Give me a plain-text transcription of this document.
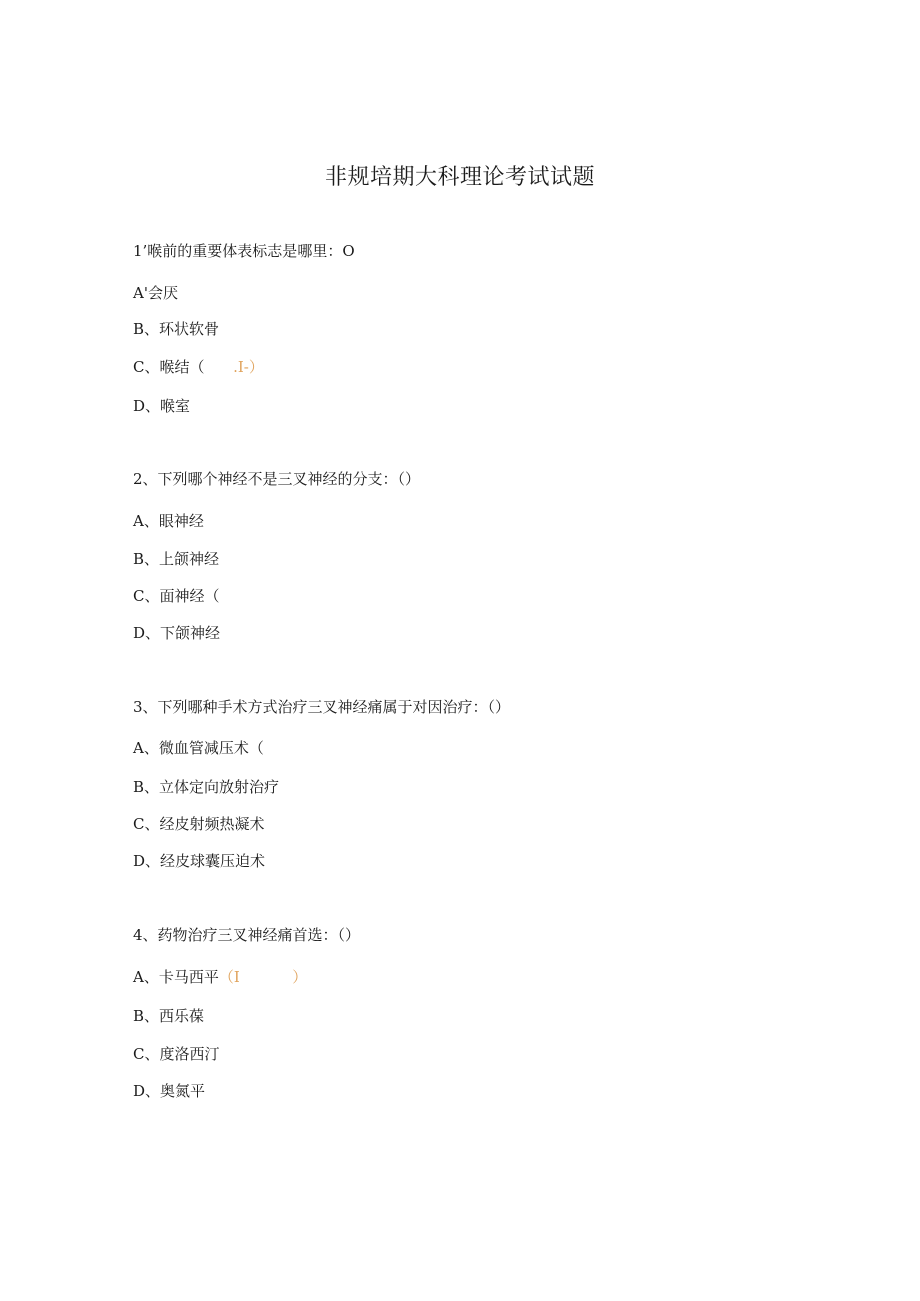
非规培期大科理论考试试题
1’喉前的重要体表标志是哪里：O
A'会厌
B、环状软骨
C、喉结（      .I-）
D、喉室
2、下列哪个神经不是三叉神经的分支：（）
A、眼神经
B、上颌神经
C、面神经（
D、下颌神经
3、下列哪种手术方式治疗三叉神经痛属于对因治疗：（）
A、微血管减压术（
B、立体定向放射治疗
C、经皮射频热凝术
D、经皮球囊压迫术
4、药物治疗三叉神经痛首选：（）
A、卡马西平（I           ）
B、西乐葆
C、度洛西汀
D、奥氮平
